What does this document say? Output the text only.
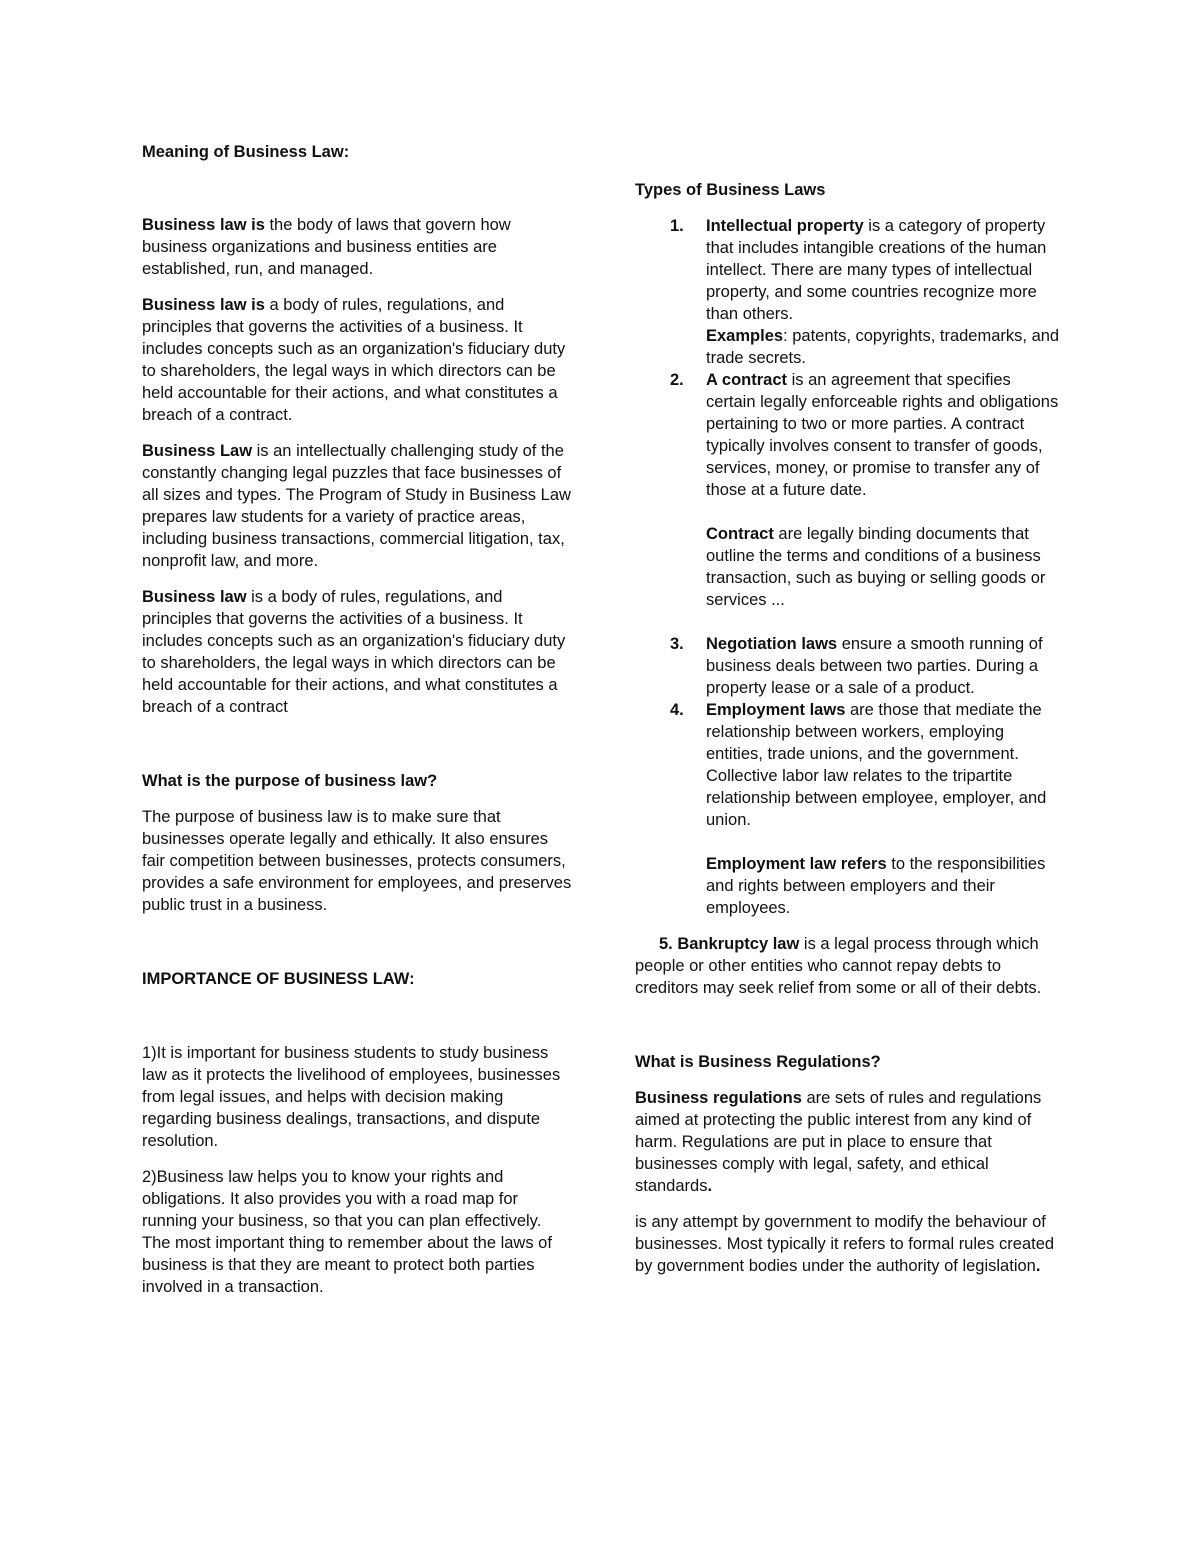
Meaning of Business Law:

Business law is the body of laws that govern how business organizations and business entities are established, run, and managed.

Business law is a body of rules, regulations, and principles that governs the activities of a business. It includes concepts such as an organization's fiduciary duty to shareholders, the legal ways in which directors can be held accountable for their actions, and what constitutes a breach of a contract.

Business Law is an intellectually challenging study of the constantly changing legal puzzles that face businesses of all sizes and types. The Program of Study in Business Law prepares law students for a variety of practice areas, including business transactions, commercial litigation, tax, nonprofit law, and more.

Business law is a body of rules, regulations, and principles that governs the activities of a business. It includes concepts such as an organization's fiduciary duty to shareholders, the legal ways in which directors can be held accountable for their actions, and what constitutes a breach of a contract

What is the purpose of business law?

The purpose of business law is to make sure that businesses operate legally and ethically. It also ensures fair competition between businesses, protects consumers, provides a safe environment for employees, and preserves public trust in a business.

IMPORTANCE OF BUSINESS LAW:

1)It is important for business students to study business law as it protects the livelihood of employees, businesses from legal issues, and helps with decision making regarding business dealings, transactions, and dispute resolution.

2)Business law helps you to know your rights and obligations. It also provides you with a road map for running your business, so that you can plan effectively. The most important thing to remember about the laws of business is that they are meant to protect both parties involved in a transaction.

Types of Business Laws

1. Intellectual property is a category of property that includes intangible creations of the human intellect. There are many types of intellectual property, and some countries recognize more than others.

Examples: patents, copyrights, trademarks, and trade secrets.

2. A contract is an agreement that specifies certain legally enforceable rights and obligations pertaining to two or more parties. A contract typically involves consent to transfer of goods, services, money, or promise to transfer any of those at a future date.

Contract are legally binding documents that outline the terms and conditions of a business transaction, such as buying or selling goods or services ...

3. Negotiation laws ensure a smooth running of business deals between two parties. During a property lease or a sale of a product.

4. Employment laws are those that mediate the relationship between workers, employing entities, trade unions, and the government. Collective labor law relates to the tripartite relationship between employee, employer, and union.

Employment law refers to the responsibilities and rights between employers and their employees.

5. Bankruptcy law is a legal process through which people or other entities who cannot repay debts to creditors may seek relief from some or all of their debts.

What is Business Regulations?

Business regulations are sets of rules and regulations aimed at protecting the public interest from any kind of harm. Regulations are put in place to ensure that businesses comply with legal, safety, and ethical standards.

is any attempt by government to modify the behaviour of businesses. Most typically it refers to formal rules created by government bodies under the authority of legislation.
